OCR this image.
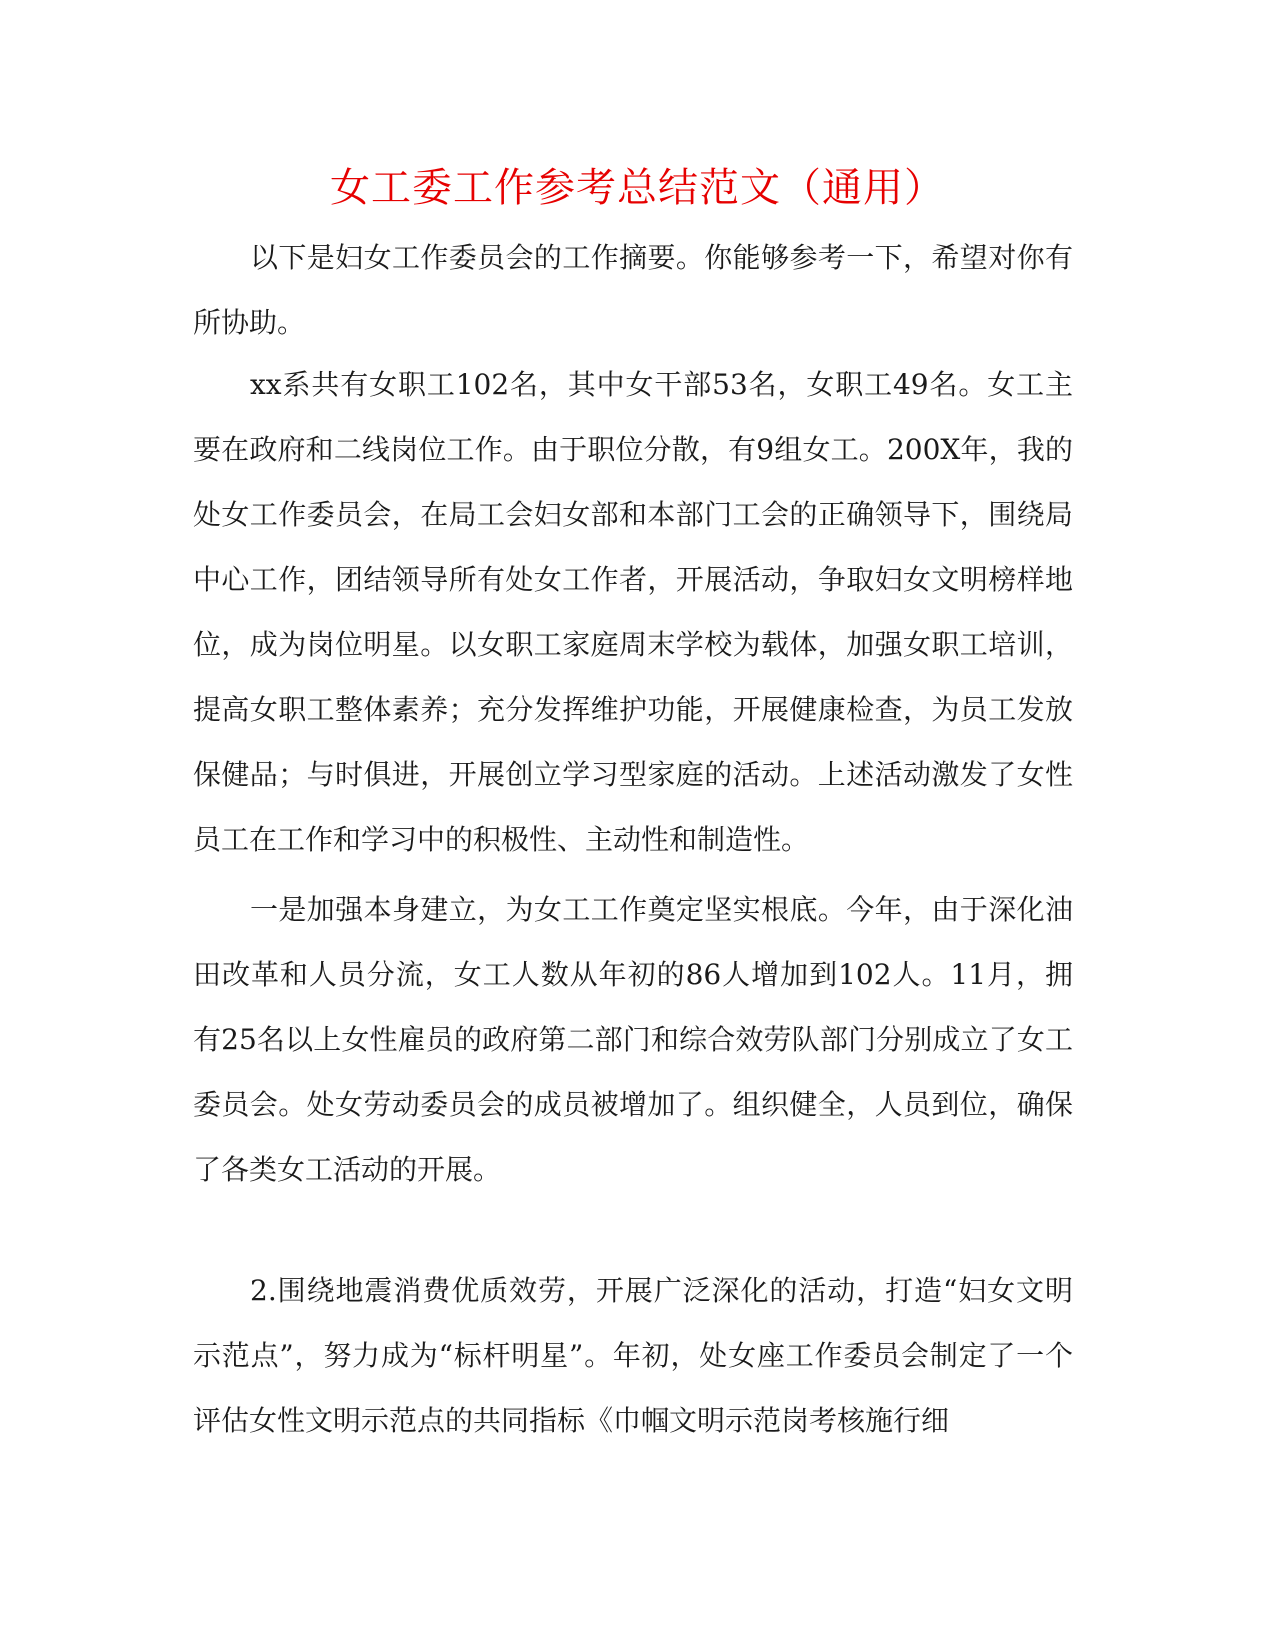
女工委工作参考总结范文（通用）

以下是妇女工作委员会的工作摘要。你能够参考一下，希望对你有所协助。

xx系共有女职工102名，其中女干部53名，女职工49名。女工主要在政府和二线岗位工作。由于职位分散，有9组女工。200X年，我的处女工作委员会，在局工会妇女部和本部门工会的正确领导下，围绕局中心工作，团结领导所有处女工作者，开展活动，争取妇女文明榜样地位，成为岗位明星。以女职工家庭周末学校为载体，加强女职工培训，提高女职工整体素养；充分发挥维护功能，开展健康检查，为员工发放保健品；与时俱进，开展创立学习型家庭的活动。上述活动激发了女性员工在工作和学习中的积极性、主动性和制造性。

一是加强本身建立，为女工工作奠定坚实根底。今年，由于深化油田改革和人员分流，女工人数从年初的86人增加到102人。11月，拥有25名以上女性雇员的政府第二部门和综合效劳队部门分别成立了女工委员会。处女劳动委员会的成员被增加了。组织健全，人员到位，确保了各类女工活动的开展。

2.围绕地震消费优质效劳，开展广泛深化的活动，打造“妇女文明示范点”，努力成为“标杆明星”。年初，处女座工作委员会制定了一个评估女性文明示范点的共同指标《巾帼文明示范岗考核施行细
